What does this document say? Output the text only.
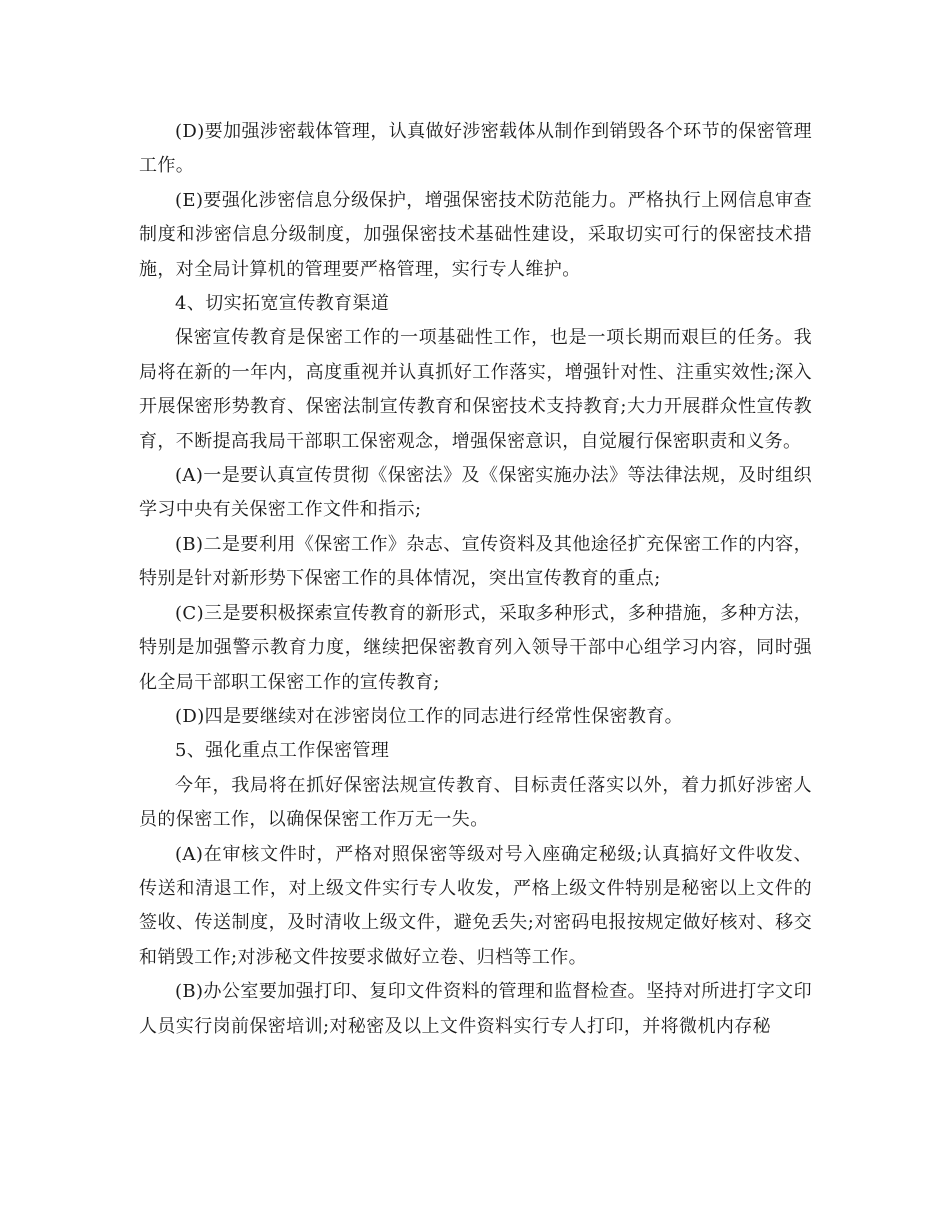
(D)要加强涉密载体管理，认真做好涉密载体从制作到销毁各个环节的保密管理工作。

(E)要强化涉密信息分级保护，增强保密技术防范能力。严格执行上网信息审查制度和涉密信息分级制度，加强保密技术基础性建设，采取切实可行的保密技术措施，对全局计算机的管理要严格管理，实行专人维护。

4、切实拓宽宣传教育渠道

保密宣传教育是保密工作的一项基础性工作，也是一项长期而艰巨的任务。我局将在新的一年内，高度重视并认真抓好工作落实，增强针对性、注重实效性;深入开展保密形势教育、保密法制宣传教育和保密技术支持教育;大力开展群众性宣传教育，不断提高我局干部职工保密观念，增强保密意识，自觉履行保密职责和义务。

(A)一是要认真宣传贯彻《保密法》及《保密实施办法》等法律法规，及时组织学习中央有关保密工作文件和指示;

(B)二是要利用《保密工作》杂志、宣传资料及其他途径扩充保密工作的内容，特别是针对新形势下保密工作的具体情况，突出宣传教育的重点;

(C)三是要积极探索宣传教育的新形式，采取多种形式，多种措施，多种方法，特别是加强警示教育力度，继续把保密教育列入领导干部中心组学习内容，同时强化全局干部职工保密工作的宣传教育;

(D)四是要继续对在涉密岗位工作的同志进行经常性保密教育。

5、强化重点工作保密管理

今年，我局将在抓好保密法规宣传教育、目标责任落实以外，着力抓好涉密人员的保密工作，以确保保密工作万无一失。

(A)在审核文件时，严格对照保密等级对号入座确定秘级;认真搞好文件收发、传送和清退工作，对上级文件实行专人收发，严格上级文件特别是秘密以上文件的签收、传送制度，及时清收上级文件，避免丢失;对密码电报按规定做好核对、移交和销毁工作;对涉秘文件按要求做好立卷、归档等工作。

(B)办公室要加强打印、复印文件资料的管理和监督检查。坚持对所进打字文印人员实行岗前保密培训;对秘密及以上文件资料实行专人打印，并将微机内存秘
